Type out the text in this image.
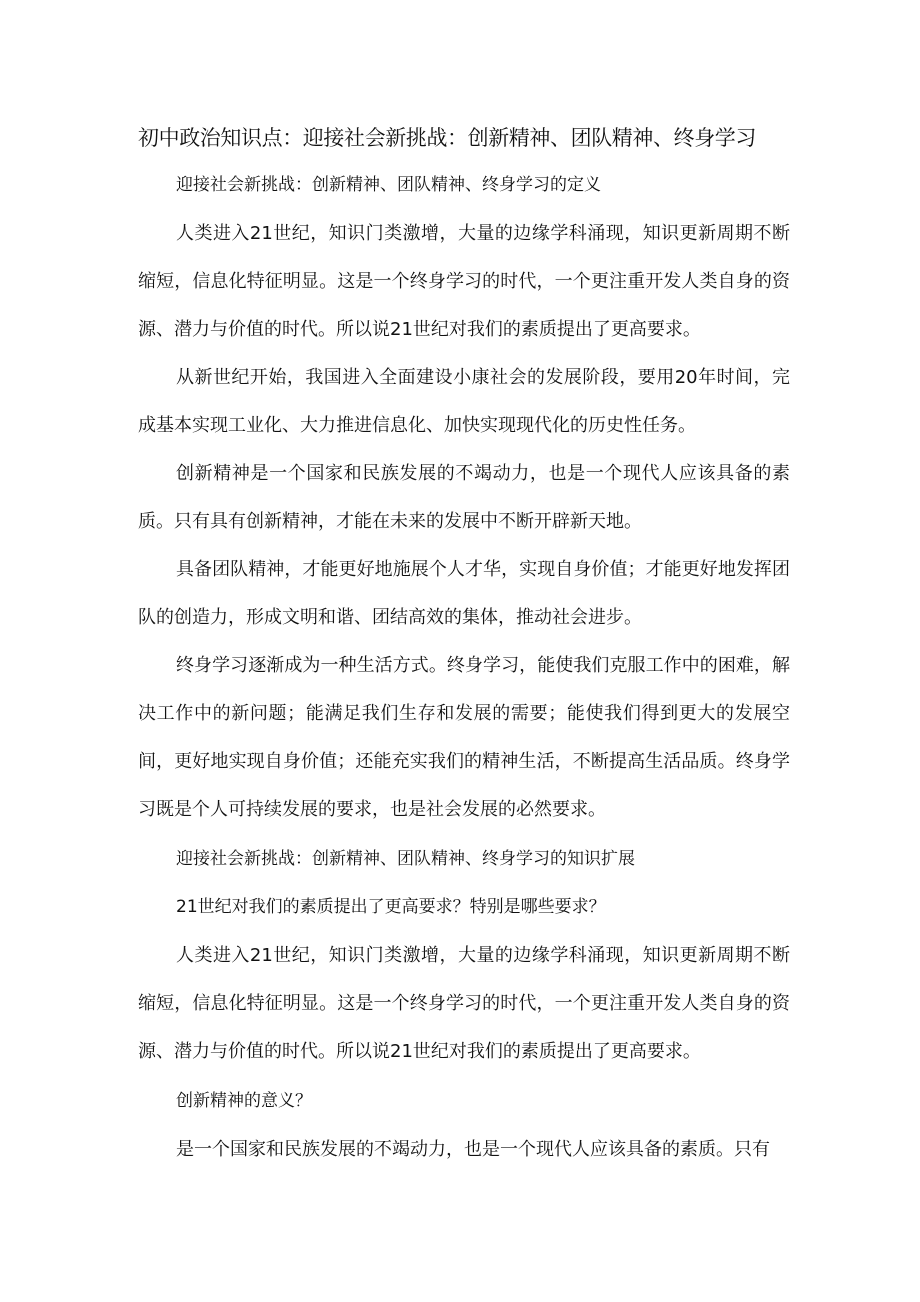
初中政治知识点：迎接社会新挑战：创新精神、团队精神、终身学习
迎接社会新挑战：创新精神、团队精神、终身学习的定义

人类进入21世纪，知识门类激增，大量的边缘学科涌现，知识更新周期不断缩短，信息化特征明显。这是一个终身学习的时代，一个更注重开发人类自身的资源、潜力与价值的时代。所以说21世纪对我们的素质提出了更高要求。

从新世纪开始，我国进入全面建设小康社会的发展阶段，要用20年时间，完成基本实现工业化、大力推进信息化、加快实现现代化的历史性任务。

创新精神是一个国家和民族发展的不竭动力，也是一个现代人应该具备的素质。只有具有创新精神，才能在未来的发展中不断开辟新天地。

具备团队精神，才能更好地施展个人才华，实现自身价值；才能更好地发挥团队的创造力，形成文明和谐、团结高效的集体，推动社会进步。

终身学习逐渐成为一种生活方式。终身学习，能使我们克服工作中的困难，解决工作中的新问题；能满足我们生存和发展的需要；能使我们得到更大的发展空间，更好地实现自身价值；还能充实我们的精神生活，不断提高生活品质。终身学习既是个人可持续发展的要求，也是社会发展的必然要求。

迎接社会新挑战：创新精神、团队精神、终身学习的知识扩展
21世纪对我们的素质提出了更高要求？特别是哪些要求？

人类进入21世纪，知识门类激增，大量的边缘学科涌现，知识更新周期不断缩短，信息化特征明显。这是一个终身学习的时代，一个更注重开发人类自身的资源、潜力与价值的时代。所以说21世纪对我们的素质提出了更高要求。

创新精神的意义？

是一个国家和民族发展的不竭动力，也是一个现代人应该具备的素质。只有
